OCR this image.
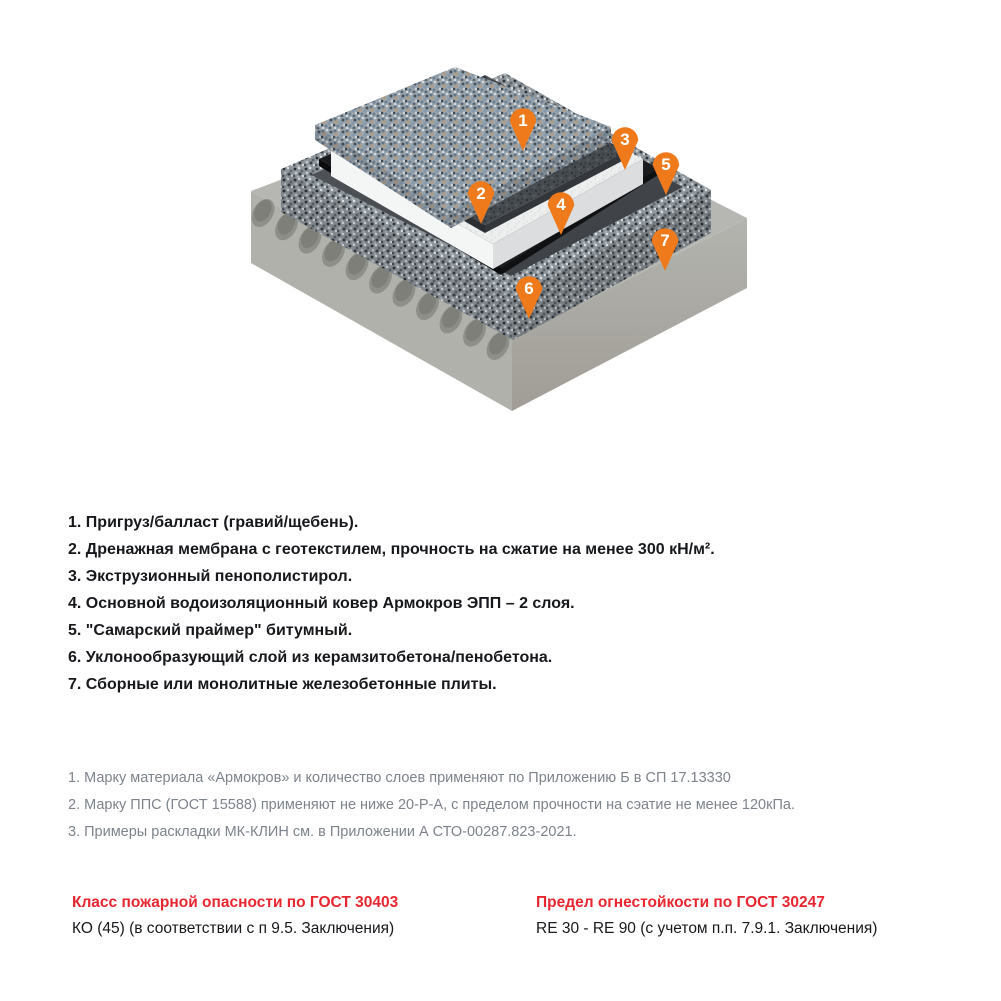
1
2
3
4
5
6
7
1. Пригруз/балласт (гравий/щебень).
2. Дренажная мембрана с геотекстилем, прочность на сжатие на менее 300 кН/м².
3. Экструзионный пенополистирол.
4. Основной водоизоляционный ковер Армокров ЭПП – 2 слоя.
5. "Самарский праймер" битумный.
6. Уклонообразующий слой из керамзитобетона/пенобетона.
7. Сборные или монолитные железобетонные плиты.
1. Марку материала «Армокров» и количество слоев применяют по Приложению Б в СП 17.13330
2. Марку ППС (ГОСТ 15588) применяют не ниже 20-Р-А, с пределом прочности на сэатие не менее 120кПа.
3. Примеры раскладки МК-КЛИН см. в Приложении А СТО-00287.823-2021.
Класс пожарной опасности по ГОСТ 30403
КО (45) (в соответствии с п 9.5. Заключения)
Предел огнестойкости по ГОСТ 30247
RE 30 - RE 90 (с учетом п.п. 7.9.1. Заключения)
